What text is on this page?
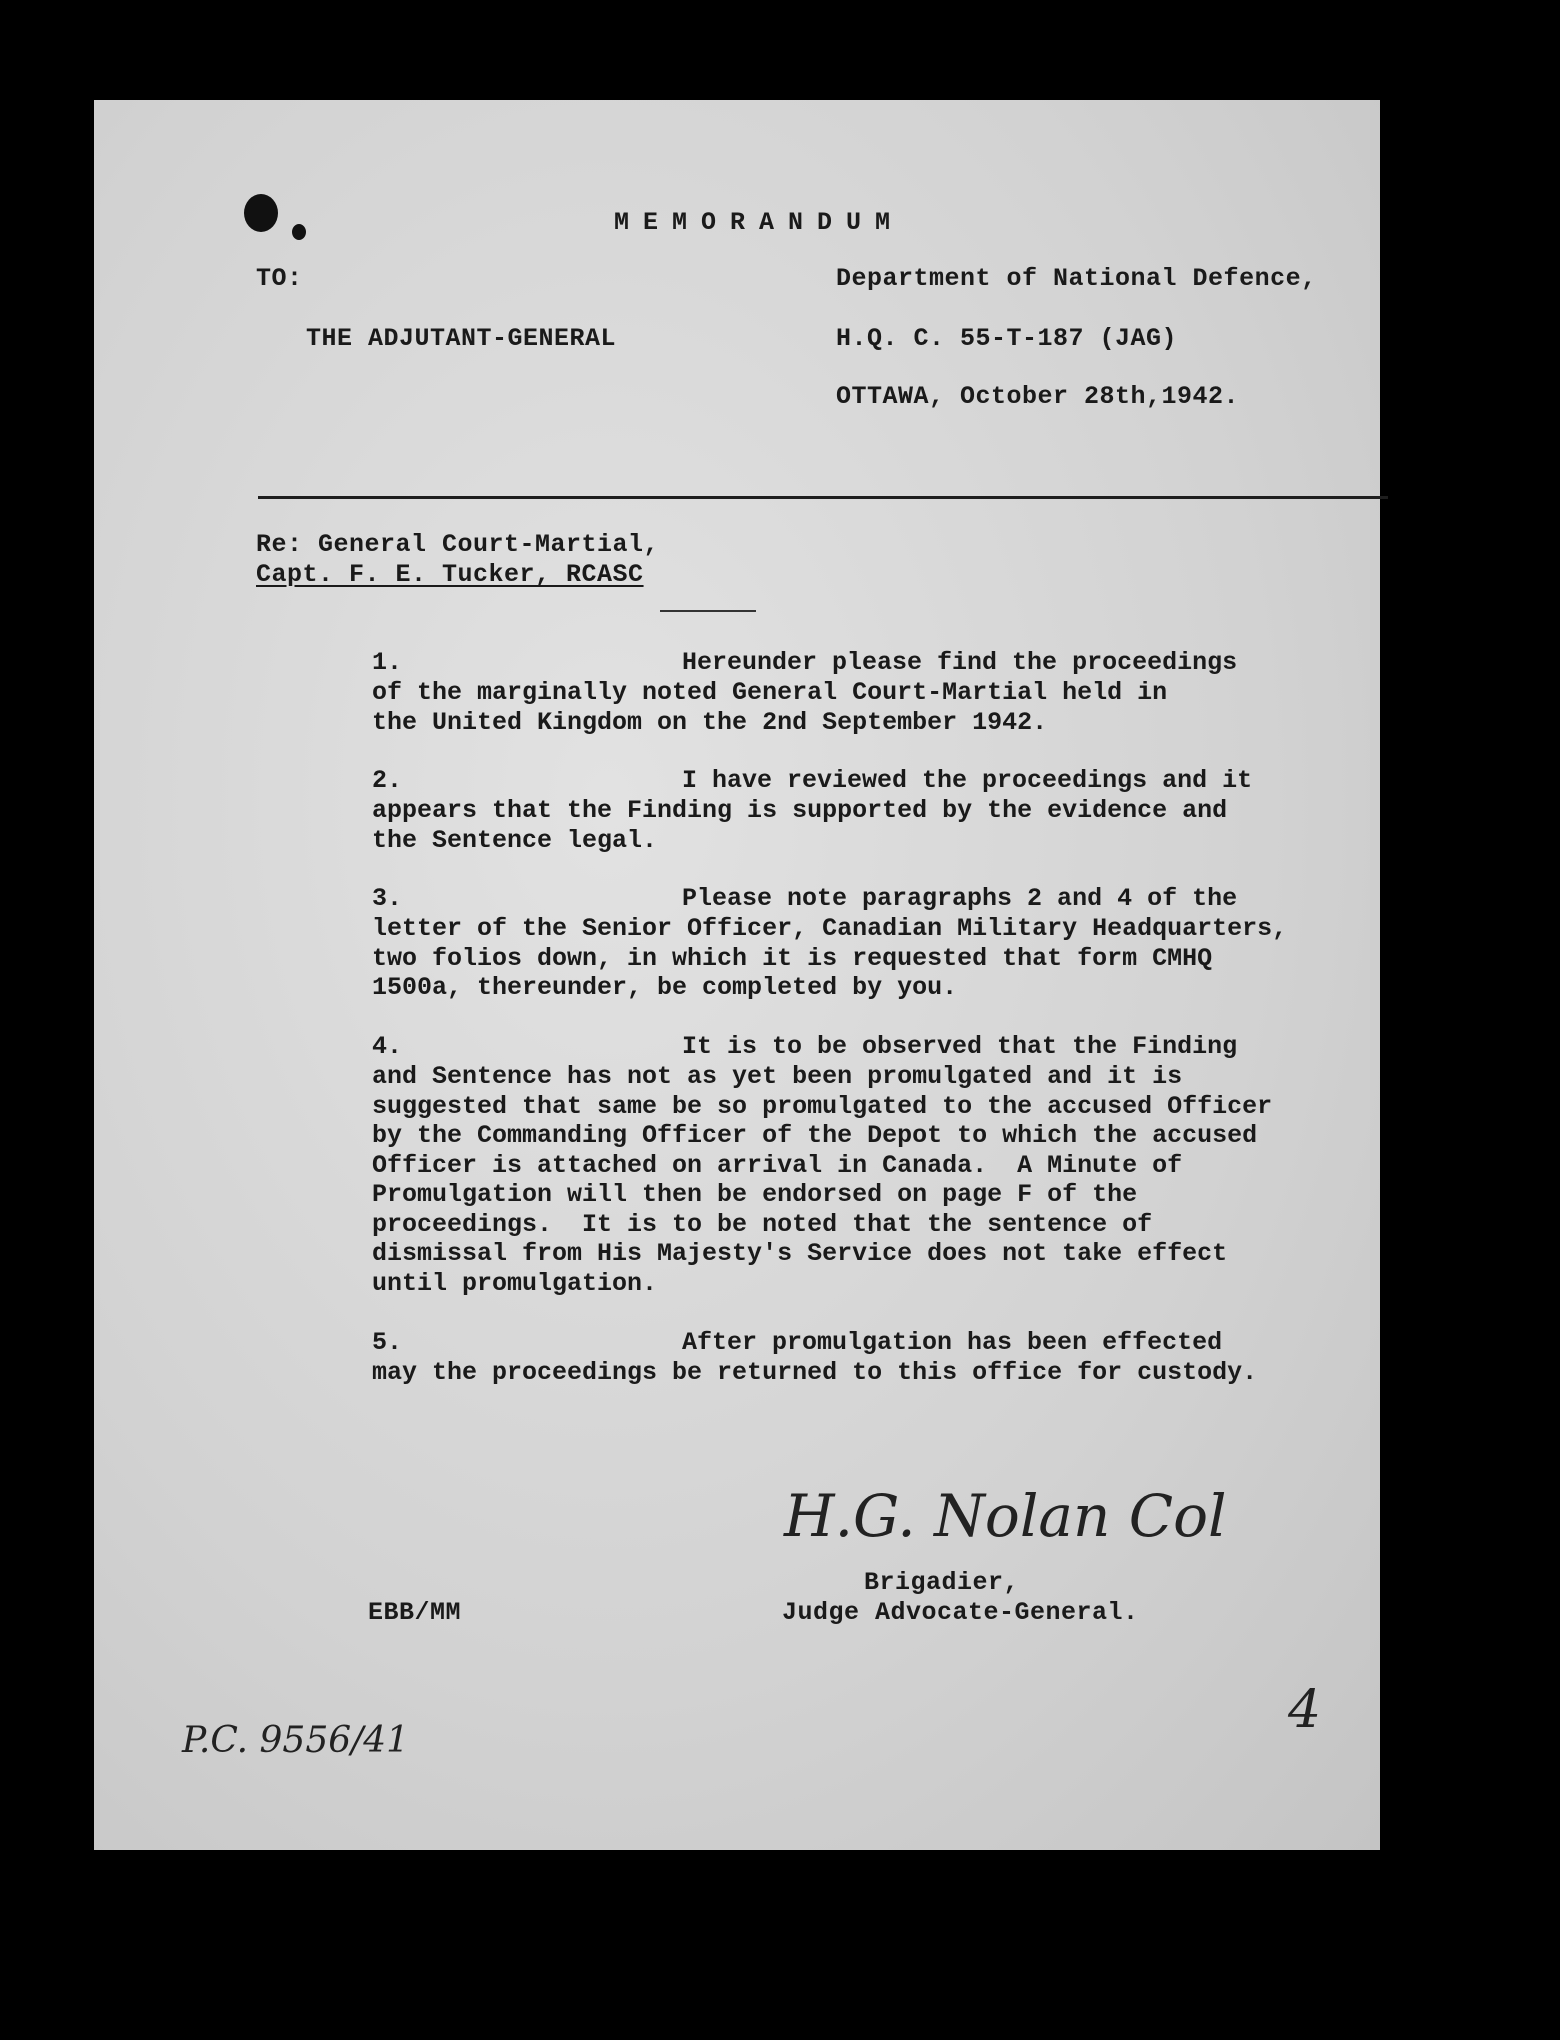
MEMORANDUM
TO:	Department of National Defence,
THE ADJUTANT-GENERAL	H.Q. C. 55-T-187 (JAG)
OTTAWA, October 28th,1942.
Re: General Court-Martial,
Capt. F. E. Tucker, RCASC
1.	Hereunder please find the proceedings
of the marginally noted General Court-Martial held in
the United Kingdom on the 2nd September 1942.
2.	I have reviewed the proceedings and it
appears that the Finding is supported by the evidence and
the Sentence legal.
3.	Please note paragraphs 2 and 4 of the
letter of the Senior Officer, Canadian Military Headquarters,
two folios down, in which it is requested that form CMHQ
1500a, thereunder, be completed by you.
4.	It is to be observed that the Finding
and Sentence has not as yet been promulgated and it is
suggested that same be so promulgated to the accused Officer
by the Commanding Officer of the Depot to which the accused
Officer is attached on arrival in Canada.  A Minute of
Promulgation will then be endorsed on page F of the
proceedings.  It is to be noted that the sentence of
dismissal from His Majesty's Service does not take effect
until promulgation.
5.	After promulgation has been effected
may the proceedings be returned to this office for custody.
H.G. Nolan Col
Brigadier,
Judge Advocate-General.
EBB/MM
P.C. 9556/41
4
